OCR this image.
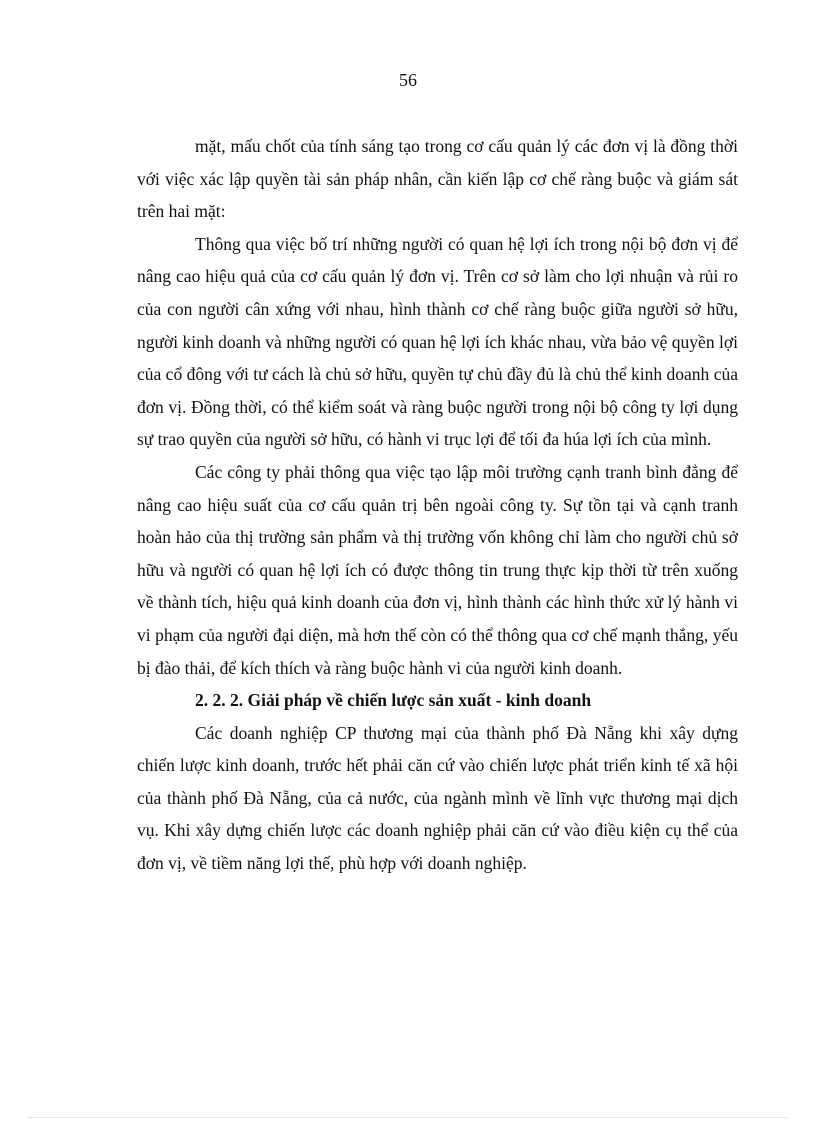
56

mặt, mấu chốt của tính sáng tạo trong cơ cấu quản lý các đơn vị là đồng thời với việc xác lập quyền tài sản pháp nhân, cần kiến lập cơ chế ràng buộc và giám sát trên hai mặt:

Thông qua việc bố trí những người có quan hệ lợi ích trong nội bộ đơn vị để nâng cao hiệu quả của cơ cấu quản lý đơn vị. Trên cơ sở làm cho lợi nhuận và rủi ro của con người cân xứng với nhau, hình thành cơ chế ràng buộc giữa người sở hữu, người kinh doanh và những người có quan hệ lợi ích khác nhau, vừa bảo vệ quyền lợi của cổ đông với tư cách là chủ sở hữu, quyền tự chủ đầy đủ là chủ thể kinh doanh của đơn vị. Đồng thời, có thể kiểm soát và ràng buộc người trong nội bộ công ty lợi dụng sự trao quyền của người sở hữu, có hành vi trục lợi để tối đa húa lợi ích của mình.

Các công ty phải thông qua việc tạo lập môi trường cạnh tranh bình đẳng để nâng cao hiệu suất của cơ cấu quản trị bên ngoài công ty. Sự tồn tại và cạnh tranh hoàn hảo của thị trường sản phẩm và thị trường vốn không chỉ làm cho người chủ sở hữu và người có quan hệ lợi ích có được thông tin trung thực kịp thời từ trên xuống về thành tích, hiệu quả kinh doanh của đơn vị, hình thành các hình thức xử lý hành vi vi phạm của người đại diện, mà hơn thế còn có thể thông qua cơ chế mạnh thắng, yếu bị đào thải, để kích thích và ràng buộc hành vi của người kinh doanh.

2. 2. 2. Giải pháp về chiến lược sản xuất - kinh doanh

Các doanh nghiệp CP thương mại của thành phố Đà Nẵng khi xây dựng chiến lược kinh doanh, trước hết phải căn cứ vào chiến lược phát triển kinh tế xã hội của thành phố Đà Nẵng, của cả nước, của ngành mình về lĩnh vực thương mại dịch vụ. Khi xây dựng chiến lược các doanh nghiệp phải căn cứ vào điều kiện cụ thể của đơn vị, về tiềm năng lợi thế, phù hợp với doanh nghiệp.
